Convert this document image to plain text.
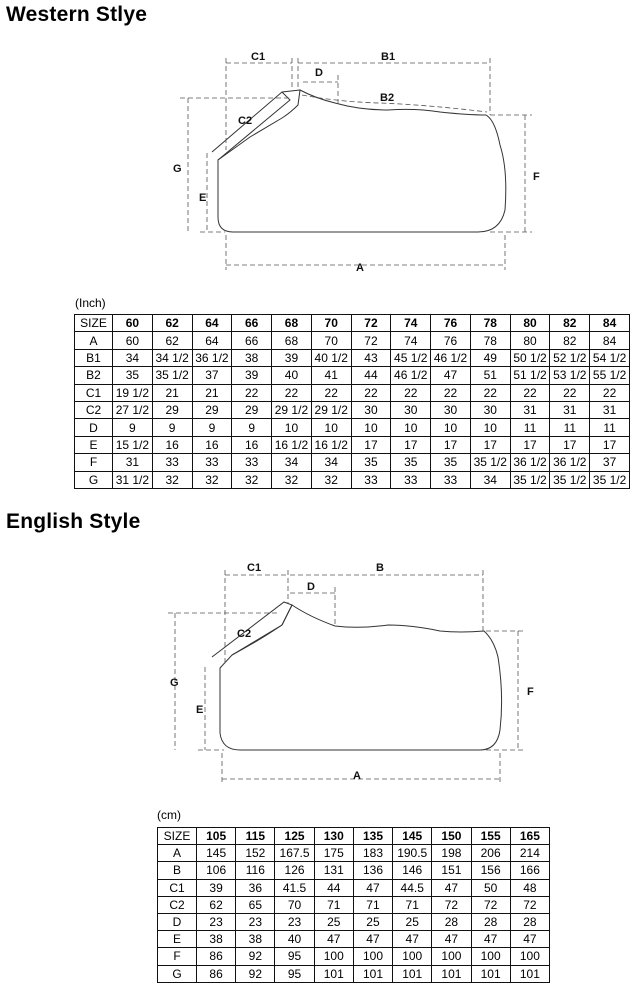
Western Stlye
C1	B1
D
B2
C2
G
E
F
A
(Inch)
SIZE	60	62	64	66	68	70	72	74	76	78	80	82	84
A	60	62	64	66	68	70	72	74	76	78	80	82	84
B1	34	34 1/2	36 1/2	38	39	40 1/2	43	45 1/2	46 1/2	49	50 1/2	52 1/2	54 1/2
B2	35	35 1/2	37	39	40	41	44	46 1/2	47	51	51 1/2	53 1/2	55 1/2
C1	19 1/2	21	21	22	22	22	22	22	22	22	22	22	22
C2	27 1/2	29	29	29	29 1/2	29 1/2	30	30	30	30	31	31	31
D	9	9	9	9	10	10	10	10	10	10	11	11	11
E	15 1/2	16	16	16	16 1/2	16 1/2	17	17	17	17	17	17	17
F	31	33	33	33	34	34	35	35	35	35 1/2	36 1/2	36 1/2	37
G	31 1/2	32	32	32	32	32	33	33	33	34	35 1/2	35 1/2	35 1/2
English Style
C1	B
D
C2
G
E
F
A
(cm)
SIZE	105	115	125	130	135	145	150	155	165
A	145	152	167.5	175	183	190.5	198	206	214
B	106	116	126	131	136	146	151	156	166
C1	39	36	41.5	44	47	44.5	47	50	48
C2	62	65	70	71	71	71	72	72	72
D	23	23	23	25	25	25	28	28	28
E	38	38	40	47	47	47	47	47	47
F	86	92	95	100	100	100	100	100	100
G	86	92	95	101	101	101	101	101	101
